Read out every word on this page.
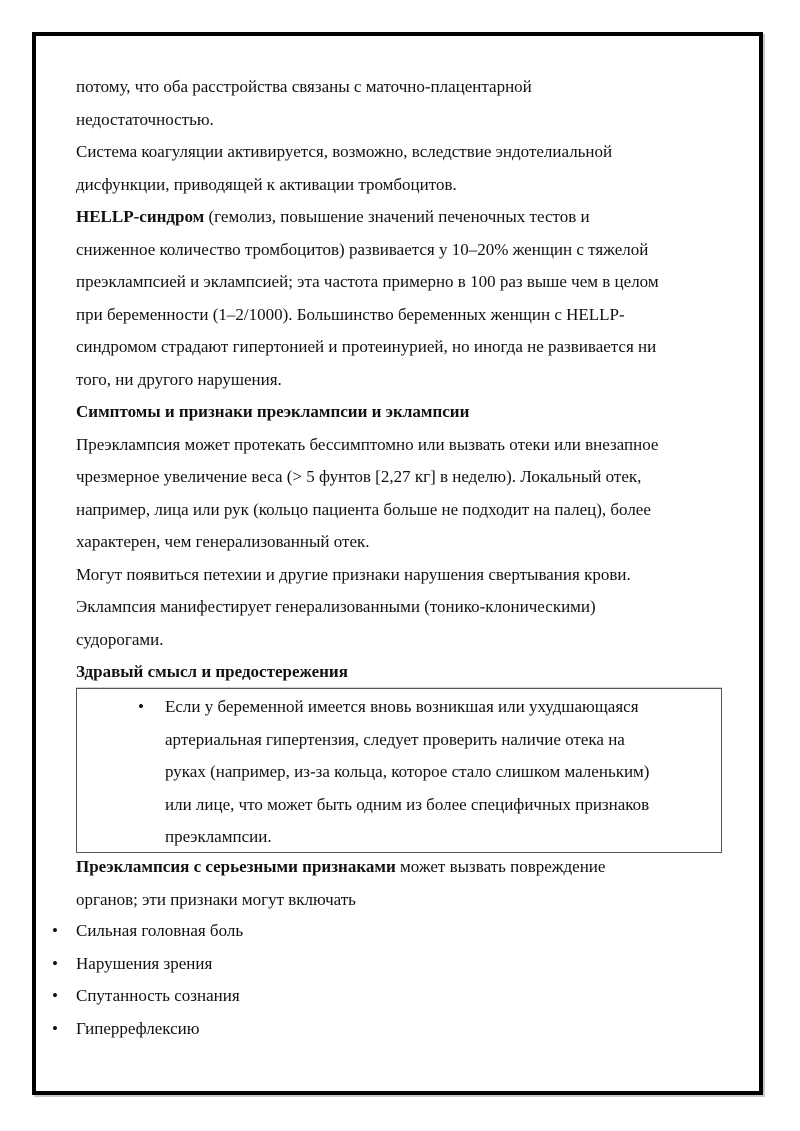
потому, что оба расстройства связаны с маточно-плацентарной
недостаточностью.

Система коагуляции активируется, возможно, вследствие эндотелиальной
дисфункции, приводящей к активации тромбоцитов.

HELLP-синдром (гемолиз, повышение значений печеночных тестов и
сниженное количество тромбоцитов) развивается у 10–20% женщин с тяжелой
преэклампсией и эклампсией; эта частота примерно в 100 раз выше чем в целом
при беременности (1–2/1000). Большинство беременных женщин с HELLP-
синдромом страдают гипертонией и протеинурией, но иногда не развивается ни
того, ни другого нарушения.

Симптомы и признаки преэклампсии и эклампсии

Преэклампсия может протекать бессимптомно или вызвать отеки или внезапное
чрезмерное увеличение веса (> 5 фунтов [2,27 кг] в неделю). Локальный отек,
например, лица или рук (кольцо пациента больше не подходит на палец), более
характерен, чем генерализованный отек.

Могут появиться петехии и другие признаки нарушения свертывания крови.

Эклампсия манифестирует генерализованными (тонико-клоническими)
судорогами.

Здравый смысл и предостережения

• Если у беременной имеется вновь возникшая или ухудшающаяся
артериальная гипертензия, следует проверить наличие отека на
руках (например, из-за кольца, которое стало слишком маленьким)
или лице, что может быть одним из более специфичных признаков
преэклампсии.
Преэклампсия с серьезными признаками может вызвать повреждение
органов; эти признаки могут включать
• Сильная головная боль
• Нарушения зрения
• Спутанность сознания
• Гиперрефлексию
